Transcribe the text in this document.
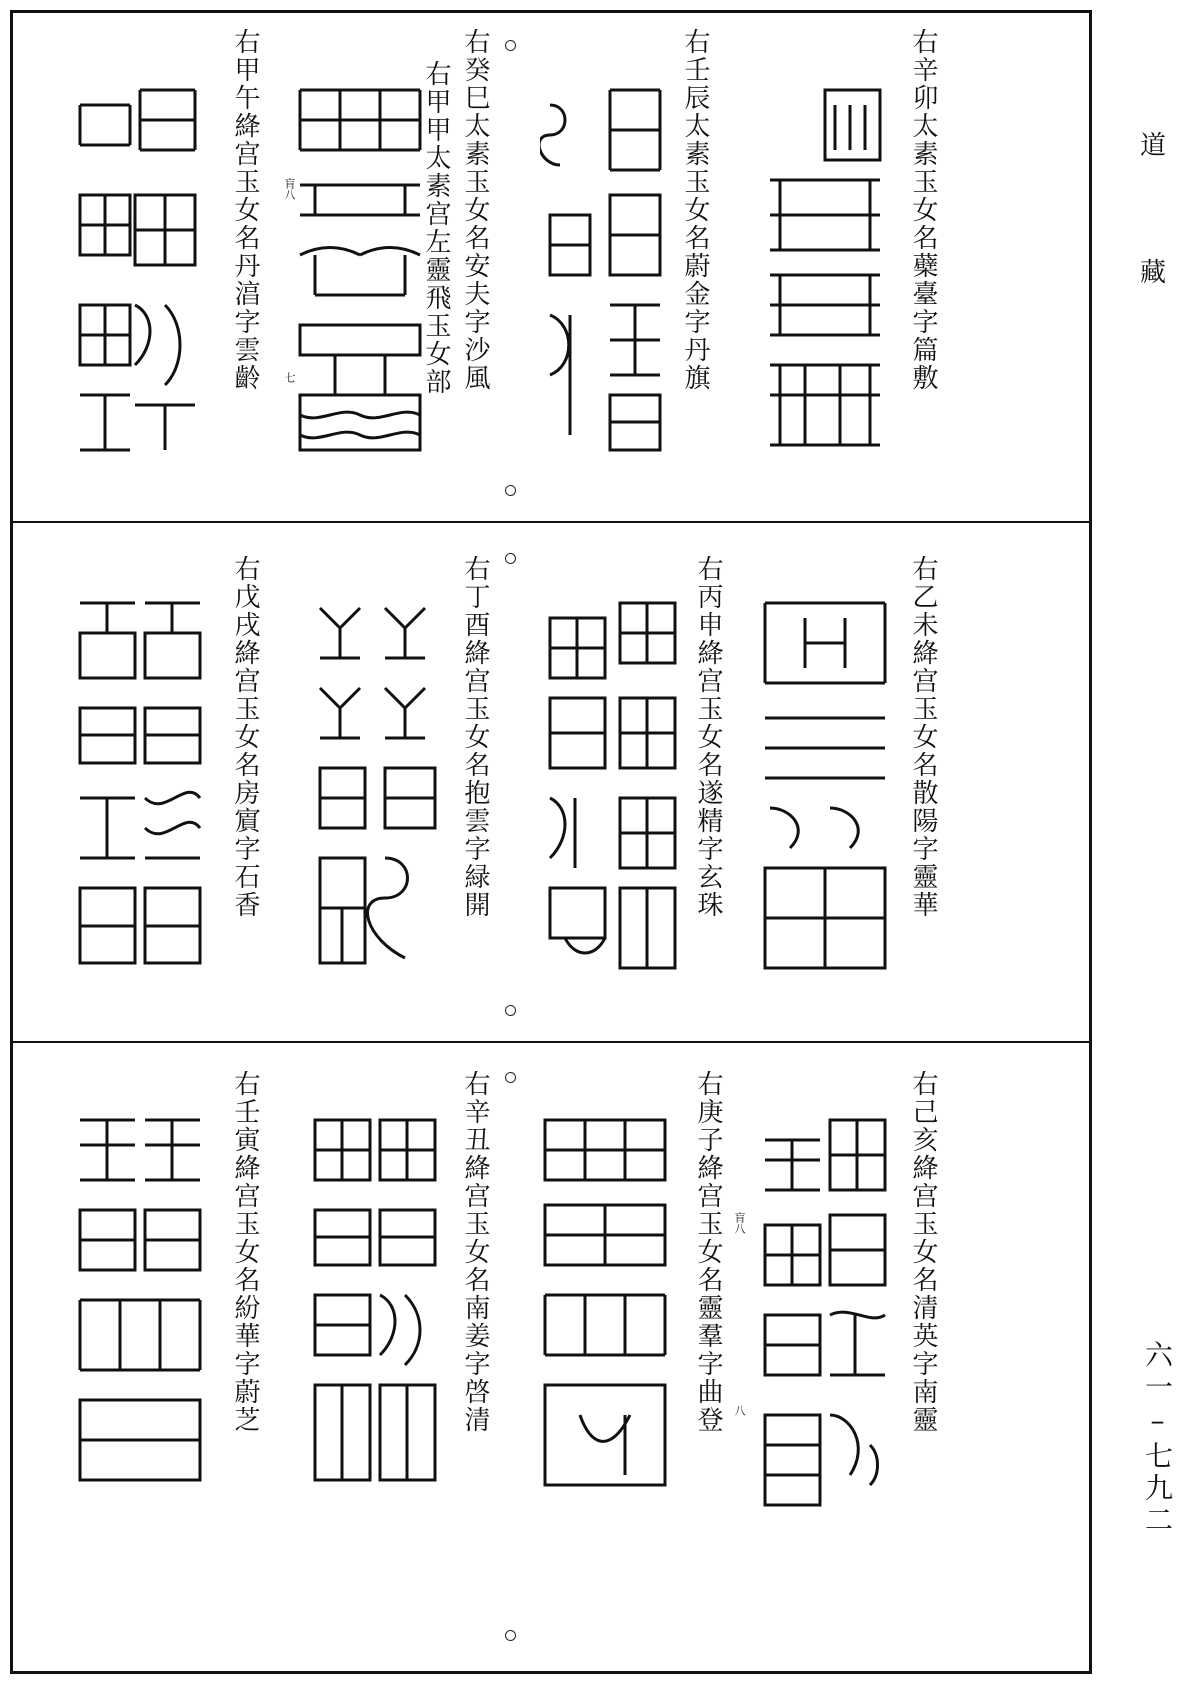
道
藏
六一–七九二
右辛卯太素玉女名蘗臺字篇敷
右壬辰太素玉女名蔚金字丹旗
右癸巳太素玉女名安夫字沙風
右甲甲太素宫左靈飛玉女部
右甲午絳宫玉女名丹湻字雲齡 肓八
七
右乙未絳宫玉女名散陽字靈華
右丙申絳宫玉女名遂精字玄珠
右丁酉絳宫玉女名抱雲字緑開
右戊戌絳宫玉女名房賔字石香
右己亥絳宫玉女名清英字南靈
右庚子絳宫玉女名靈羣字曲登
右辛丑絳宫玉女名南姜字啓清
右壬寅絳宫玉女名紛華字蔚芝	肓八
八
